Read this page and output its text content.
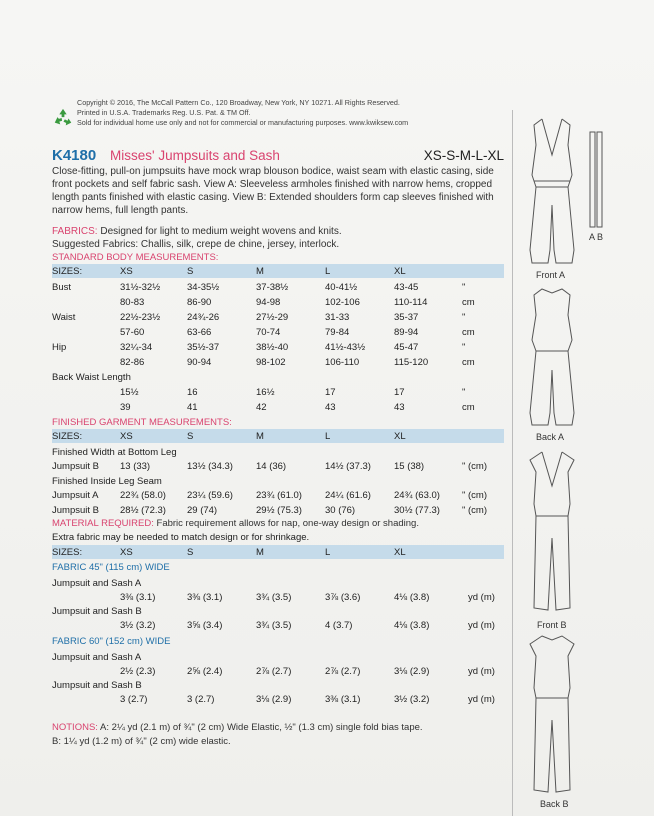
Copyright © 2016, The McCall Pattern Co., 120 Broadway, New York, NY 10271. All Rights Reserved.
Printed in U.S.A. Trademarks Reg. U.S. Pat. & TM Off.
Sold for individual home use only and not for commercial or manufacturing purposes. www.kwiksew.com
K4180 Misses' Jumpsuits and Sash	XS-S-M-L-XL
Close-fitting, pull-on jumpsuits have mock wrap blouson bodice, waist seam with elastic casing, side front pockets and self fabric sash. View A: Sleeveless armholes finished with narrow hems, cropped length pants finished with elastic casing. View B: Extended shoulders form cap sleeves finished with narrow hems, full length pants.
FABRICS: Designed for light to medium weight wovens and knits.
Suggested Fabrics: Challis, silk, crepe de chine, jersey, interlock.
STANDARD BODY MEASUREMENTS:
SIZES:	XS	S	M	L	XL
Bust	31½-32½	34-35½	37-38½	40-41½	43-45	"
80-83	86-90	94-98	102-106	110-114	cm
Waist	22½-23½	24¾-26	27½-29	31-33	35-37	"
57-60	63-66	70-74	79-84	89-94	cm
Hip	32¼-34	35½-37	38½-40	41½-43½	45-47	"
82-86	90-94	98-102	106-110	115-120	cm
Back Waist Length
15½	16	16½	17	17	"
39	41	42	43	43	cm
FINISHED GARMENT MEASUREMENTS:
SIZES:	XS	S	M	L	XL
Finished Width at Bottom Leg
Jumpsuit B 13 (33)	13½ (34.3) 14 (36)	14½ (37.3) 15 (38)	" (cm)
Finished Inside Leg Seam
Jumpsuit A 22¾ (58.0) 23¼ (59.6) 23¾ (61.0) 24¼ (61.6) 24¾ (63.0) " (cm)
Jumpsuit B 28½ (72.3) 29 (74)	29½ (75.3) 30 (76)	30½ (77.3) " (cm)
MATERIAL REQUIRED: Fabric requirement allows for nap, one-way design or shading.
Extra fabric may be needed to match design or for shrinkage.
SIZES:	XS	S	M	L	XL
FABRIC 45" (115 cm) WIDE
Jumpsuit and Sash A
3⅜ (3.1)	3⅜ (3.1)	3¾ (3.5)	3⅞ (3.6)	4⅛ (3.8)	yd (m)
Jumpsuit and Sash B
3½ (3.2)	3⅝ (3.4)	3¾ (3.5)	4 (3.7)	4⅛ (3.8)	yd (m)
FABRIC 60" (152 cm) WIDE
Jumpsuit and Sash A
2½ (2.3)	2⅝ (2.4)	2⅞ (2.7)	2⅞ (2.7)	3⅛ (2.9)	yd (m)
Jumpsuit and Sash B
3 (2.7)	3 (2.7)	3⅛ (2.9)	3⅜ (3.1)	3½ (3.2)	yd (m)
NOTIONS: A: 2¼ yd (2.1 m) of ¾" (2 cm) Wide Elastic, ½" (1.3 cm) single fold bias tape.
B: 1¼ yd (1.2 m) of ¾" (2 cm) wide elastic.
A B
Front A
Back A
Front B
Back B
